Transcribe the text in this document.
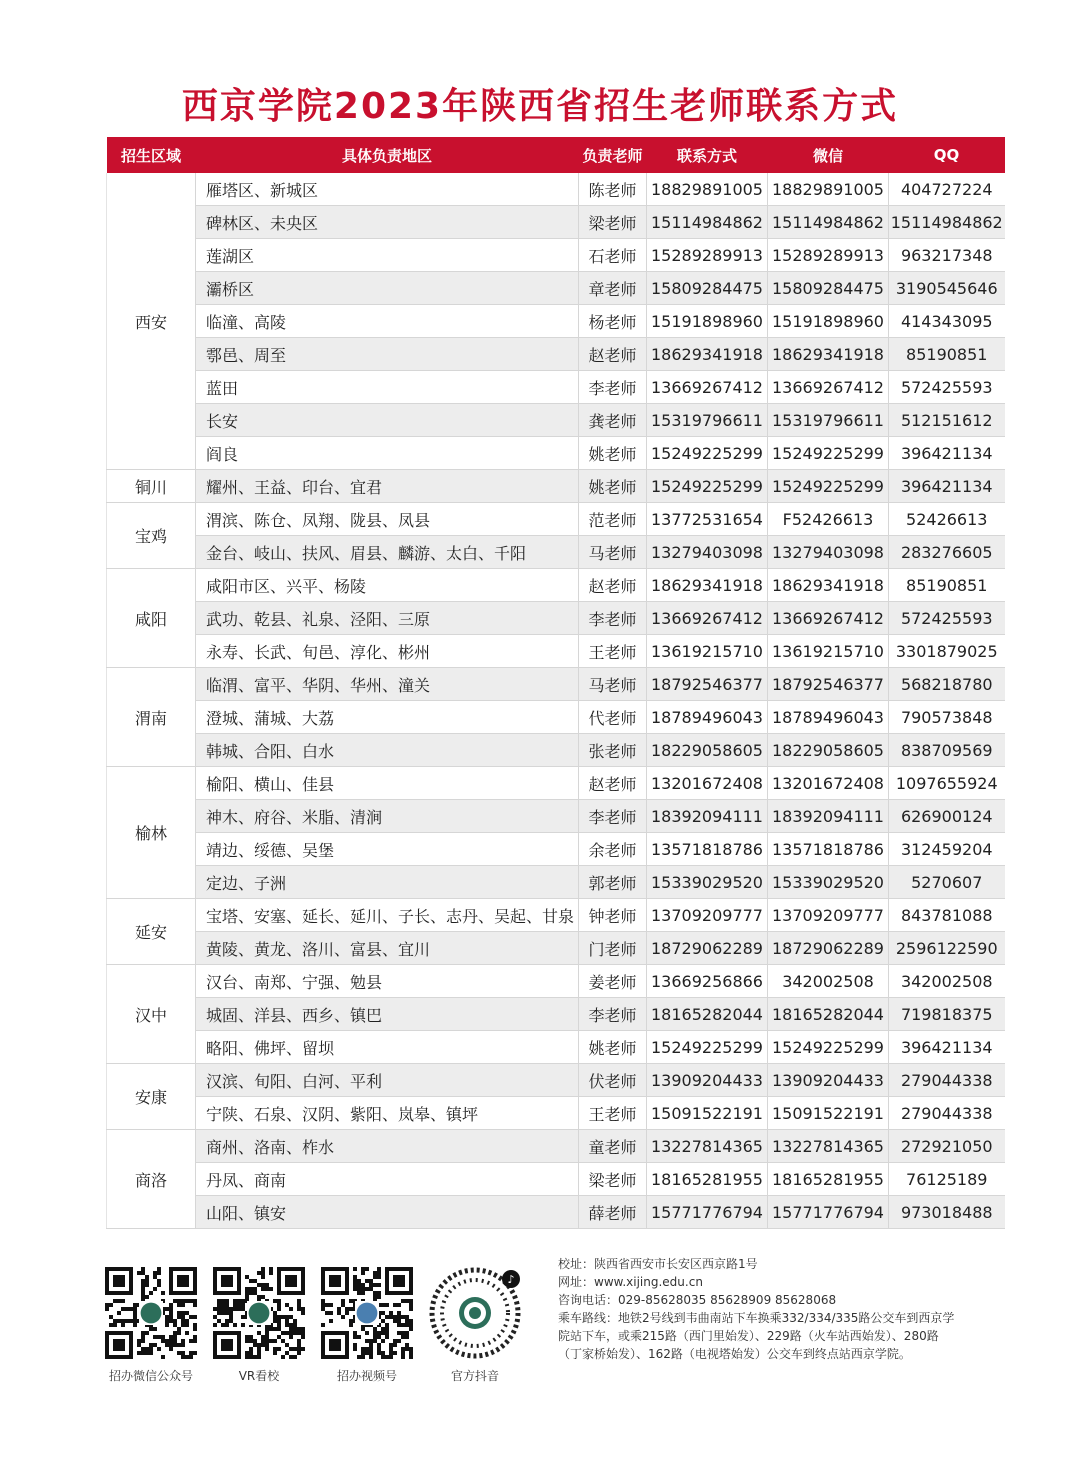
西京学院2023年陕西省招生老师联系方式
招生区域	具体负责地区	负责老师	联系方式	微信	QQ
西安	雁塔区、新城区	陈老师	18829891005	18829891005	404727224
	碑林区、未央区	梁老师	15114984862	15114984862	15114984862
	莲湖区	石老师	15289289913	15289289913	963217348
	灞桥区	章老师	15809284475	15809284475	3190545646
	临潼、高陵	杨老师	15191898960	15191898960	414343095
	鄠邑、周至	赵老师	18629341918	18629341918	85190851
	蓝田	李老师	13669267412	13669267412	572425593
	长安	龚老师	15319796611	15319796611	512151612
	阎良	姚老师	15249225299	15249225299	396421134
铜川	耀州、王益、印台、宜君	姚老师	15249225299	15249225299	396421134
宝鸡	渭滨、陈仓、凤翔、陇县、凤县	范老师	13772531654	F52426613	52426613
	金台、岐山、扶风、眉县、麟游、太白、千阳	马老师	13279403098	13279403098	283276605
咸阳	咸阳市区、兴平、杨陵	赵老师	18629341918	18629341918	85190851
	武功、乾县、礼泉、泾阳、三原	李老师	13669267412	13669267412	572425593
	永寿、长武、旬邑、淳化、彬州	王老师	13619215710	13619215710	3301879025
渭南	临渭、富平、华阴、华州、潼关	马老师	18792546377	18792546377	568218780
	澄城、蒲城、大荔	代老师	18789496043	18789496043	790573848
	韩城、合阳、白水	张老师	18229058605	18229058605	838709569
榆林	榆阳、横山、佳县	赵老师	13201672408	13201672408	1097655924
	神木、府谷、米脂、清涧	李老师	18392094111	18392094111	626900124
	靖边、绥德、吴堡	余老师	13571818786	13571818786	312459204
	定边、子洲	郭老师	15339029520	15339029520	5270607
延安	宝塔、安塞、延长、延川、子长、志丹、吴起、甘泉	钟老师	13709209777	13709209777	843781088
	黄陵、黄龙、洛川、富县、宜川	门老师	18729062289	18729062289	2596122590
汉中	汉台、南郑、宁强、勉县	姜老师	13669256866	342002508	342002508
	城固、洋县、西乡、镇巴	李老师	18165282044	18165282044	719818375
	略阳、佛坪、留坝	姚老师	15249225299	15249225299	396421134
安康	汉滨、旬阳、白河、平利	伏老师	13909204433	13909204433	279044338
	宁陕、石泉、汉阴、紫阳、岚皋、镇坪	王老师	15091522191	15091522191	279044338
商洛	商州、洛南、柞水	童老师	13227814365	13227814365	272921050
	丹凤、商南	梁老师	18165281955	18165281955	76125189
	山阳、镇安	薛老师	15771776794	15771776794	973018488
♪
招办微信公众号	VR看校	招办视频号	官方抖音
校址：陕西省西安市长安区西京路1号
网址：www.xijing.edu.cn
咨询电话：029-85628035 85628909 85628068
乘车路线：地铁2号线到韦曲南站下车换乘332/334/335路公交车到西京学
院站下车，或乘215路（西门里始发）、229路（火车站西始发）、280路
（丁家桥始发）、162路（电视塔始发）公交车到终点站西京学院。
